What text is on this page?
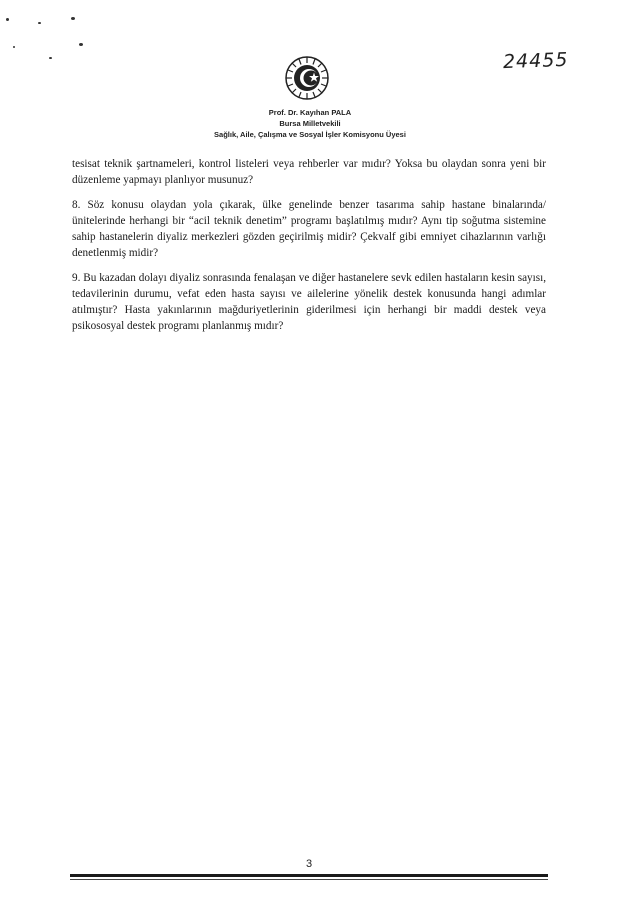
24455
Prof. Dr. Kayıhan PALA
Bursa Milletvekili
Sağlık, Aile, Çalışma ve Sosyal İşler Komisyonu Üyesi

tesisat teknik şartnameleri, kontrol listeleri veya rehberler var mıdır? Yoksa bu olaydan sonra yeni bir düzenleme yapmayı planlıyor musunuz?

8. Söz konusu olaydan yola çıkarak, ülke genelinde benzer tasarıma sahip hastane binalarında/ünitelerinde herhangi bir “acil teknik denetim” programı başlatılmış mıdır? Aynı tip soğutma sistemine sahip hastanelerin diyaliz merkezleri gözden geçirilmiş midir? Çekvalf gibi emniyet cihazlarının varlığı denetlenmiş midir?

9. Bu kazadan dolayı diyaliz sonrasında fenalaşan ve diğer hastanelere sevk edilen hastaların kesin sayısı, tedavilerinin durumu, vefat eden hasta sayısı ve ailelerine yönelik destek konusunda hangi adımlar atılmıştır? Hasta yakınlarının mağduriyetlerinin giderilmesi için herhangi bir maddi destek veya psikososyal destek programı planlanmış mıdır?

3
